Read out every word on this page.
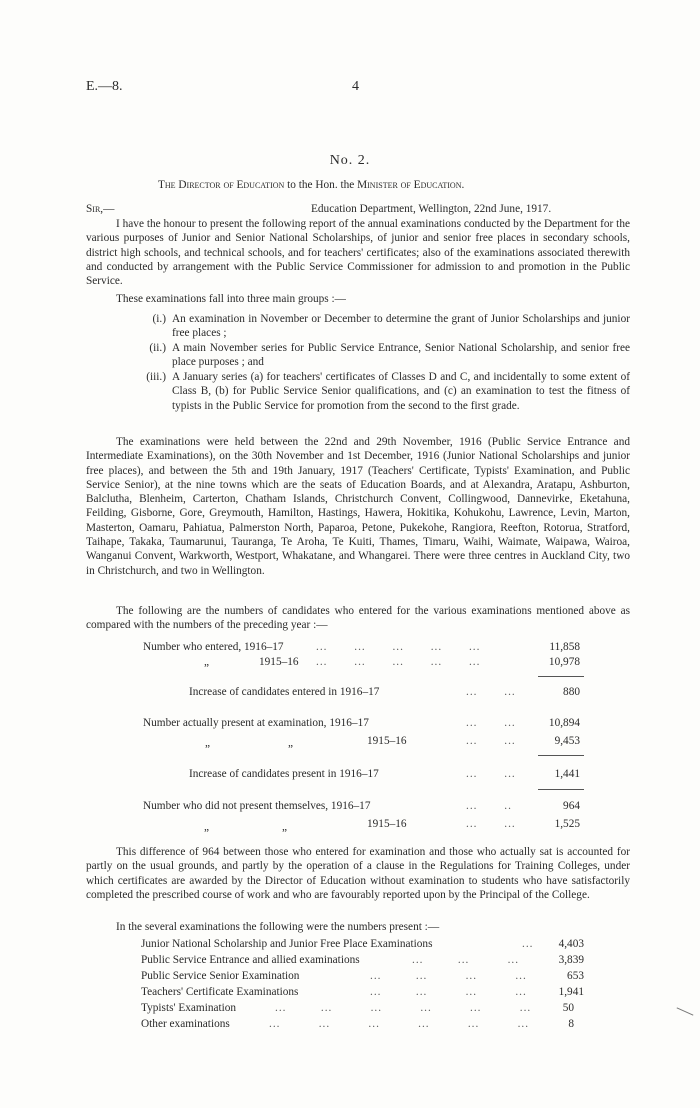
E.—8.	4
No. 2.
The Director of Education to the Hon. the Minister of Education.
Sir,—	Education Department, Wellington, 22nd June, 1917.

I have the honour to present the following report of the annual examinations conducted by the Department for the various purposes of Junior and Senior National Scholarships, of junior and senior free places in secondary schools, district high schools, and technical schools, and for teachers' certificates; also of the examinations associated therewith and conducted by arrangement with the Public Service Commissioner for admission to and promotion in the Public Service.

These examinations fall into three main groups :—
(i.) An examination in November or December to determine the grant of Junior Scholarships and junior free places ;

(ii.) A main November series for Public Service Entrance, Senior National Scholarship, and senior free place purposes ; and

(iii.) A January series (a) for teachers' certificates of Classes D and C, and incidentally to some extent of Class B, (b) for Public Service Senior qualifications, and (c) an examination to test the fitness of typists in the Public Service for promotion from the second to the first grade.

The examinations were held between the 22nd and 29th November, 1916 (Public Service Entrance and Intermediate Examinations), on the 30th November and 1st December, 1916 (Junior National Scholarships and junior free places), and between the 5th and 19th January, 1917 (Teachers' Certificate, Typists' Examination, and Public Service Senior), at the nine towns which are the seats of Education Boards, and at Alexandra, Aratapu, Ashburton, Balclutha, Blenheim, Carterton, Chatham Islands, Christchurch Convent, Collingwood, Dannevirke, Eketahuna, Feilding, Gisborne, Gore, Greymouth, Hamilton, Hastings, Hawera, Hokitika, Kohukohu, Lawrence, Levin, Marton, Masterton, Oamaru, Pahiatua, Palmerston North, Paparoa, Petone, Pukekohe, Rangiora, Reefton, Rotorua, Stratford, Taihape, Takaka, Taumarunui, Tauranga, Te Aroha, Te Kuiti, Thames, Timaru, Waihi, Waimate, Waipawa, Wairoa, Wanganui Convent, Warkworth, Westport, Whakatane, and Whangarei. There were three centres in Auckland City, two in Christchurch, and two in Wellington.

The following are the numbers of candidates who entered for the various examinations mentioned above as compared with the numbers of the preceding year :—

Number who entered, 1916–17	...       ...       ...       ...       ...	11,858
„	1915–16 ...       ...       ...       ...       ...	10,978
Increase of candidates entered in 1916–17	...       ...	880
Number actually present at examination, 1916–17	...       ...	10,894
„	„	1915–16	...       ...	9,453
Increase of candidates present in 1916–17	...       ...	1,441
Number who did not present themselves, 1916–17	...       ..	964
„	„	1915–16	...       ...	1,525

This difference of 964 between those who entered for examination and those who actually sat is accounted for partly on the usual grounds, and partly by the operation of a clause in the Regulations for Training Colleges, under which certificates are awarded by the Director of Education without examination to students who have satisfactorily completed the prescribed course of work and who are favourably reported upon by the Principal of the College.

In the several examinations the following were the numbers present :—
Junior National Scholarship and Junior Free Place Examinations	...	4,403
Public Service Entrance and allied examinations	...         ...          ...	3,839
Public Service Senior Examination	...         ...          ...          ...	653
Teachers' Certificate Examinations	...         ...          ...          ...	1,941
Typists' Examination	...         ...          ...          ...          ...          ...	50
Other examinations	...          ...          ...          ...          ...          ...	8
